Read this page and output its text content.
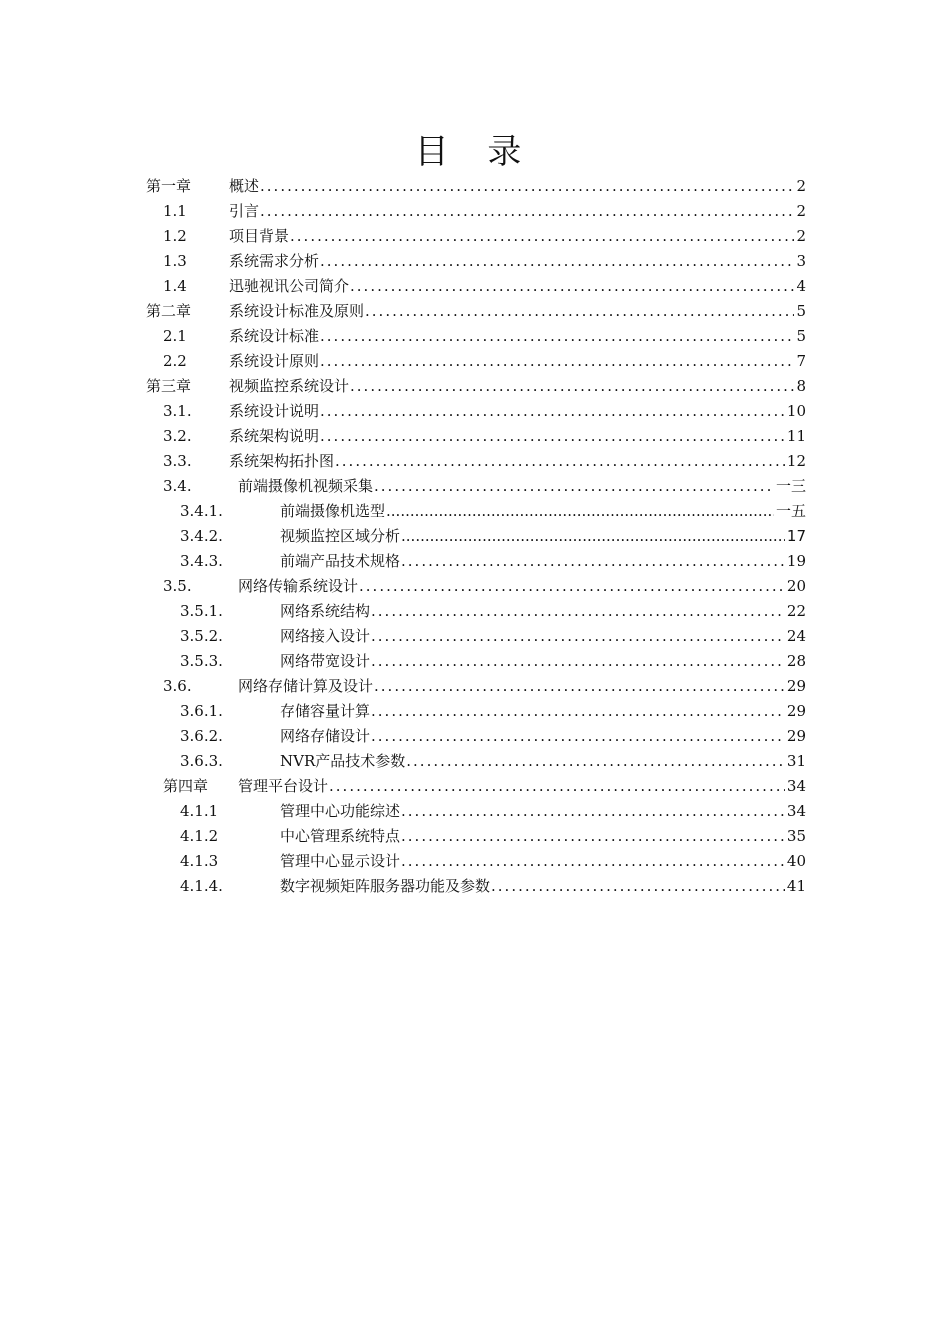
目 录
第一章	概述 .....	2
1.1	引言 .....	2
1.2	项目背景 .....	2
1.3	系统需求分析 .....	3
1.4	迅驰视讯公司简介 .....	4
第二章	系统设计标准及原则 .....	5
2.1	系统设计标准 .....	5
2.2	系统设计原则 .....	7
第三章	视频监控系统设计 .....	8
3.1. 系统设计说明 .....	10
3.2. 系统架构说明 .....	11
3.3. 系统架构拓扑图 .....	12
3.4.	前端摄像机视频采集 .....	一三
3.4.1.	前端摄像机选型 .....	一五
3.4.2.	视频监控区域分析 .....	17
3.4.3.	前端产品技术规格 .....	19
3.5.	网络传输系统设计 .....	20
3.5.1.	网络系统结构 .....	22
3.5.2.	网络接入设计 .....	24
3.5.3.	网络带宽设计 .....	28
3.6.	网络存储计算及设计 .....	29
3.6.1.	存储容量计算 .....	29
3.6.2.	网络存储设计 .....	29
3.6.3.	NVR产品技术参数 .....	31
第四章 管理平台设计 .....	34
4.1.1	管理中心功能综述 .....	34
4.1.2	中心管理系统特点 .....	35
4.1.3	管理中心显示设计 .....	40
4.1.4.	数字视频矩阵服务器功能及参数 .....	41
